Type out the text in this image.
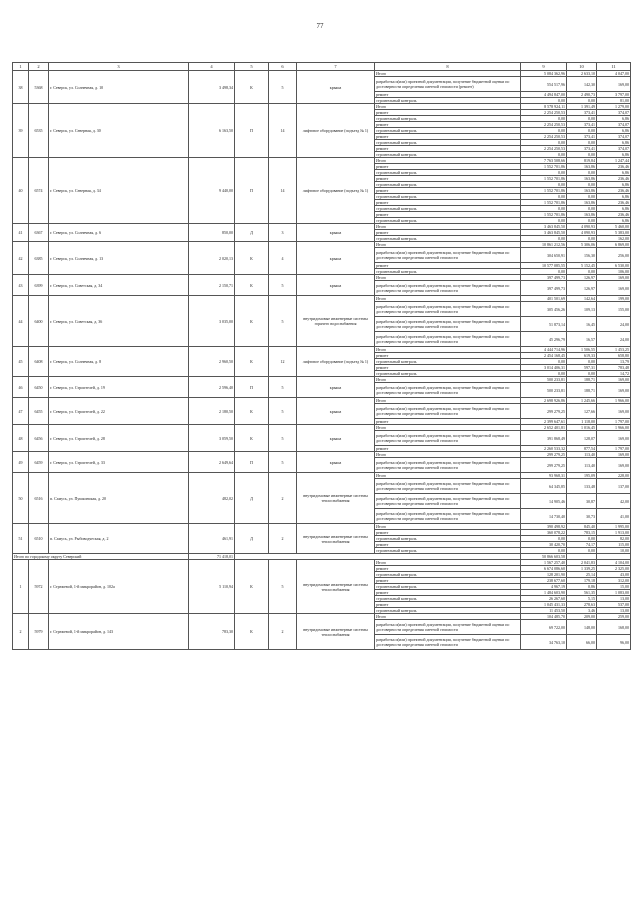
77
1	2	3	4	5	6	7	8	9	10	11
38	5368	г. Северск, ул. Солнечная, д. 10	3 498,34	К	5	крыша	Итого	5 084 362,96	2 633,10	4 047,00
							разработка и(или) проектной документации, получение бюджетной оценки по достоверности определения сметной стоимости (ремонт)	554 517,96	142,30	169,00
							ремонт	4 494 847,00	2 490,73	3 797,00
							строительный контроль	0,00	0,00	81,00
39	6535	г. Северск, ул. Северная, д. 30	6 163,50	П	14	лифтовое оборудование (подъезд № 1)	Итого	8 578 924,11	1 391,49	1 279,00
							ремонт	2 254 250,53	373,41	374,07
							строительный контроль	0,00	0,00	6,86
							ремонт	2 254 250,53	373,41	374,07
							строительный контроль	0,00	0,00	6,86
							ремонт	2 254 250,53	373,41	374,07
							строительный контроль	0,00	0,00	6,86
							ремонт	2 254 250,53	373,41	374,07
							строительный контроль	0,00	0,00	6,86
40	6574	г. Северск, ул. Северная, д. 34	9 440,00	П	14	лифтовое оборудование (подъезд № 1)	Итого	7 763 508,66	819,84	1 247,44
							ремонт	1 552 701,86	163,86	236,46
							строительный контроль	0,00	0,00	6,86
							ремонт	1 552 701,86	163,86	236,46
							строительный контроль	0,00	0,00	6,86
							ремонт	1 552 701,86	163,86	236,46
							строительный контроль	0,00	0,00	6,86
							ремонт	1 552 701,86	163,86	236,46
							строительный контроль	0,00	0,00	6,86
							ремонт	1 552 701,86	163,86	236,46
							строительный контроль	0,00	0,00	6,86
41	6367	г. Северск, ул. Солнечная, д. 6	850,00	Д	3	крыша	Итого	3 463 845,50	4 090,93	5 460,00
							ремонт	3 463 845,50	4 090,93	5 383,00
							строительный контроль	0,00	0,00	162,00
42	6385	г. Северск, ул. Солнечная, д. 13	2 020,13	К	4	крыша	Итого	10 861 212,56	5 306,06	6 869,00
							разработка и(или) проектной документации, получение бюджетной оценки по достоверности определения сметной стоимости	304 650,91	156,30	256,00
							ремонт	10 577 085,55	5 152,45	6 530,00
							строительный контроль	0,00	0,00	106,00
43	6399	г. Северск, ул. Советская, д. 34	2 150,71	К	5	крыша	Итого	397 499,73	126,97	169,00
							разработка и(или) проектной документации, получение бюджетной оценки по достоверности определения сметной стоимости	397 499,73	126,97	169,00
44	6400	г. Северск, ул. Советская, д. 36	3 035,00	К	5	внутридомовые инженерные системы горячего водоснабжения	Итого	401 501,69	142,64	199,00
							разработка и(или) проектной документации, получение бюджетной оценки по достоверности определения сметной стоимости	305 456,26	109,13	155,00
							разработка и(или) проектной документации, получение бюджетной оценки по достоверности определения сметной стоимости	51 873,14	16,45	24,00
							разработка и(или) проектной документации, получение бюджетной оценки по достоверности определения сметной стоимости	45 296,79	16,57	24,00
45	6408	г. Северск, ул. Солнечная, д. 8	2 960,50	К	12	лифтовое оборудование (подъезд № 1)	Итого	4 444 714,96	1 506,55	1 453,25
							ремонт	2 454 168,45	619,33	658,80
							строительный контроль	0,00	0,00	13,79
							ремонт	3 014 406,31	597,31	783,48
							строительный контроль	0,00	0,00	14,72
46	6450	г. Северск, ул. Строителей, д. 19	2 596,40	П	5	крыша	Итого	500 233,81	188,71	169,00
							разработка и(или) проектной документации, получение бюджетной оценки по достоверности определения сметной стоимости	500 233,81	188,71	169,00
47	6455	г. Северск, ул. Строителей, д. 22	2 180,50	К	5	крыша	Итого	2 698 926,86	1 245,66	1 966,00
							разработка и(или) проектной документации, получение бюджетной оценки по достоверности определения сметной стоимости	299 279,25	127,66	169,00
							ремонт	2 399 647,61	1 118,00	1 797,00
48	6456	г. Северск, ул. Строителей, д. 28	3 059,50	К	5	крыша	Итого	2 652 401,81	1 016,45	1 966,00
							разработка и(или) проектной документации, получение бюджетной оценки по достоверности определения сметной стоимости	391 868,49	128,07	169,00
							ремонт	2 260 533,32	877,54	1 797,00
49	6459	г. Северск, ул. Строителей, д. 33	2 649,64	П	5	крыша	Итого	299 279,25	113,40	169,00
							разработка и(или) проектной документации, получение бюджетной оценки по достоверности определения сметной стоимости	299 279,25	113,40	169,00
50	6516	п. Самусь, ул. Пушкинская, д. 20	482,02	Д	2	внутридомовые инженерные системы теплоснабжения	Итого	93 968,31	195,09	228,00
							разработка и(или) проектной документации, получение бюджетной оценки по достоверности определения сметной стоимости	64 345,85	133,48	137,00
							разработка и(или) проектной документации, получение бюджетной оценки по достоверности определения сметной стоимости	14 905,46	30,87	42,00
							разработка и(или) проектной документации, получение бюджетной оценки по достоверности определения сметной стоимости	14 730,40	30,73	41,00
51	6510	п. Самусь, ул. Рыбоводческая, д. 2	461,91	Д	2	внутридомовые инженерные системы теплоснабжения	Итого	390 498,92	845,40	1 995,00
							ремонт	360 078,22	783,15	1 913,00
							строительный контроль	0,00	0,00	82,00
							ремонт	30 420,70	74,17	115,00
							строительный контроль	0,00	0,00	10,00
Итого по городскому округу Северский			71 418,01					50 866 603,58		
1	5972	г. Стрежевой, 1-й микрорайон, д. 102а	5 110,94	К	5	внутридомовые инженерные системы теплоснабжения	Итого	1 567 257,40	2 041,83	4 104,00
							ремонт	6 674 086,60	1 339,25	2 325,00
							строительный контроль	128 201,90	25,14	43,00
							ремонт	238 677,60	179,18	312,00
							строительный контроль	4 967,19	0,86	15,00
							ремонт	1 484 603,90	561,35	1 083,00
							строительный контроль	26 267,60	5,15	13,00
							ремонт	1 045 431,33	278,63	537,00
							строительный контроль	11 453,50	3,46	13,00
2	5979	г. Стрежевой, 1-й микрорайон, д. 143	783,30	К	2	внутридомовые инженерные системы теплоснабжения	Итого	104 485,70	209,00	259,00
							разработка и(или) проектной документации, получение бюджетной оценки по достоверности определения сметной стоимости	69 722,00	148,00	168,00
							разработка и(или) проектной документации, получение бюджетной оценки по достоверности определения сметной стоимости	34 763,10	66,00	96,00
